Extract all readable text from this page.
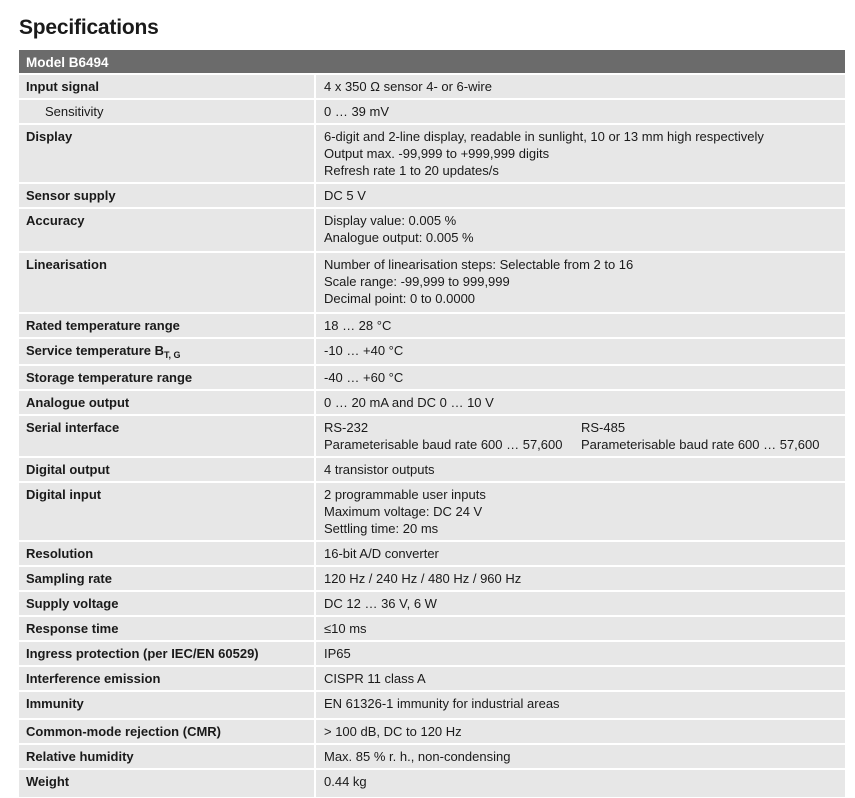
Specifications
Model B6494	
Input signal	4 x 350 Ω sensor 4- or 6-wire

Sensitivity	0 … 39 mV

Display	6-digit and 2-line display, readable in sunlight, 10 or 13 mm high respectively
Output max. -99,999 to +999,999 digits
Refresh rate 1 to 20 updates/s

Sensor supply	DC 5 V

Accuracy	Display value: 0.005 %
Analogue output: 0.005 %

Linearisation	Number of linearisation steps: Selectable from 2 to 16
Scale range: -99,999 to 999,999
Decimal point: 0 to 0.0000

Rated temperature range	18 … 28 °C

Service temperature $B_{T, G}$	-10 … +40 °C

Storage temperature range	-40 … +60 °C

Analogue output	0 … 20 mA and DC 0 … 10 V

Serial interface	RS-232
Parameterisable baud rate 600 … 57,600
RS-485
Parameterisable baud rate 600 … 57,600

Digital output	4 transistor outputs

Digital input	2 programmable user inputs
Maximum voltage: DC 24 V
Settling time: 20 ms

Resolution	16-bit A/D converter

Sampling rate	120 Hz / 240 Hz / 480 Hz / 960 Hz

Supply voltage	DC 12 … 36 V, 6 W

Response time	≤10 ms

Ingress protection (per IEC/EN 60529)	IP65

Interference emission	CISPR 11 class A

Immunity	EN 61326-1 immunity for industrial areas

Common-mode rejection (CMR)	> 100 dB, DC to 120 Hz

Relative humidity	Max. 85 % r. h., non-condensing

Weight	0.44 kg
